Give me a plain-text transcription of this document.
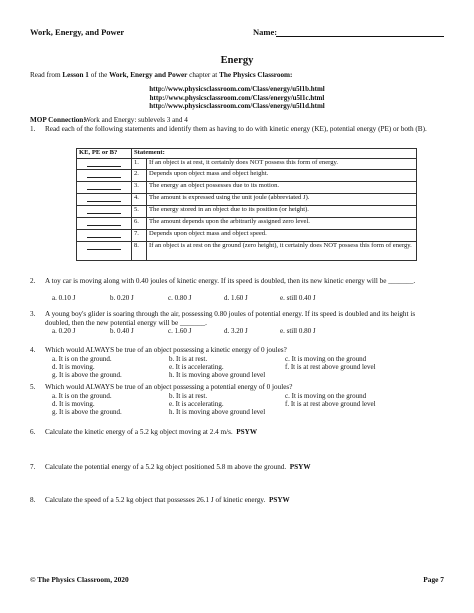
Work, Energy, and Power	Name:
Energy
Read from Lesson 1 of the Work, Energy and Power chapter at The Physics Classroom:
http://www.physicsclassroom.com/Class/energy/u5l1b.html
http://www.physicsclassroom.com/Class/energy/u5l1c.html
http://www.physicsclassroom.com/Class/energy/u5l1d.html
MOP Connection:
Work and Energy: sublevels 3 and 4
1. Read each of the following statements and identify them as having to do with kinetic energy (KE), potential energy (PE) or both (B).
KE, PE or B?	Statement:	
	1.	If an object is at rest, it certainly does NOT possess this form of energy.
	2.	Depends upon object mass and object height.
	3.	The energy an object possesses due to its motion.
	4.	The amount is expressed using the unit joule (abbreviated J).
	5.	The energy stored in an object due to its position (or height).
	6.	The amount depends upon the arbitrarily assigned zero level.
	7.	Depends upon object mass and object speed.
	8.	If an object is at rest on the ground (zero height), it certainly does NOT possess this form of energy.
2. A toy car is moving along with 0.40 joules of kinetic energy. If its speed is doubled, then its new kinetic energy will be _______.
a. 0.10 J	b. 0.20 J	c. 0.80 J	d. 1.60 J	e. still 0.40 J
3. A young boy's glider is soaring through the air, possessing 0.80 joules of potential energy. If its speed is doubled and its height is doubled, then the new potential energy will be _______.
a. 0.20 J	b. 0.40 J	c. 1.60 J	d. 3.20 J	e. still 0.80 J
4. Which would ALWAYS be true of an object possessing a kinetic energy of 0 joules?
a. It is on the ground.	b. It is at rest.	c. It is moving on the ground
d. It is moving.	e. It is accelerating.	f. It is at rest above ground level
g. It is above the ground.	h. It is moving above ground level
5. Which would ALWAYS be true of an object possessing a potential energy of 0 joules?
a. It is on the ground.	b. It is at rest.	c. It is moving on the ground
d. It is moving.	e. It is accelerating.	f. It is at rest above ground level
g. It is above the ground.	h. It is moving above ground level
6. Calculate the kinetic energy of a 5.2 kg object moving at 2.4 m/s. PSYW
7. Calculate the potential energy of a 5.2 kg object positioned 5.8 m above the ground. PSYW
8. Calculate the speed of a 5.2 kg object that possesses 26.1 J of kinetic energy. PSYW
© The Physics Classroom, 2020	Page 7
